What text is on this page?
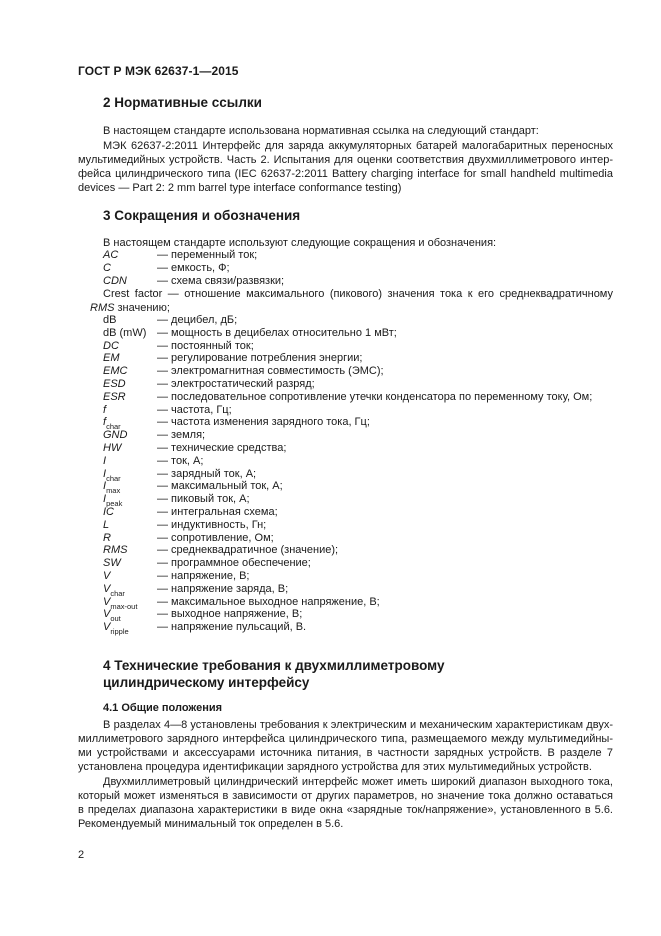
ГОСТ Р МЭК 62637-1—2015
2 Нормативные ссылки
В настоящем стандарте использована нормативная ссылка на следующий стандарт:
МЭК 62637-2:2011 Интерфейс для заряда аккумуляторных батарей малогабаритных переносных
мультимедийных устройств. Часть 2. Испытания для оценки соответствия двухмиллиметрового интер-
фейса цилиндрического типа (IEC 62637-2:2011 Battery charging interface for small handheld multimedia
devices — Part 2: 2 mm barrel type interface conformance testing)
3 Сокращения и обозначения
В настоящем стандарте используют следующие сокращения и обозначения:
AC	— переменный ток;
C	— емкость, Ф;
CDN	— схема связи/развязки;
Crest factor — отношение максимального (пикового) значения тока к его среднеквадратичному
RMS значению;
dB	— децибел, дБ;
dB (mW) — мощность в децибелах относительно 1 мВт;
DC	— постоянный ток;
EM	— регулирование потребления энергии;
EMC	— электромагнитная совместимость (ЭМС);
ESD	— электростатический разряд;
ESR	— последовательное сопротивление утечки конденсатора по переменному току, Ом;
f	— частота, Гц;
$f_{char}$	— частота изменения зарядного тока, Гц;
GND	— земля;
HW	— технические средства;
I	— ток, А;
$I_{char}$	— зарядный ток, А;
$I_{max}$	— максимальный ток, А;
$I_{peak}$	— пиковый ток, А;
IC	— интегральная схема;
L	— индуктивность, Гн;
R	— сопротивление, Ом;
RMS	— среднеквадратичное (значение);
SW	— программное обеспечение;
V	— напряжение, В;
$V_{char}$	— напряжение заряда, В;
$V_{max-out}$ — максимальное выходное напряжение, В;
$V_{out}$	— выходное напряжение, В;
$V_{ripple}$	— напряжение пульсаций, В.
4 Технические требования к двухмиллиметровому
цилиндрическому интерфейсу
4.1 Общие положения
В разделах 4—8 установлены требования к электрическим и механическим характеристикам двух-
миллиметрового зарядного интерфейса цилиндрического типа, размещаемого между мультимедийны-
ми устройствами и аксессуарами источника питания, в частности зарядных устройств. В разделе 7
установлена процедура идентификации зарядного устройства для этих мультимедийных устройств.
Двухмиллиметровый цилиндрический интерфейс может иметь широкий диапазон выходного тока,
который может изменяться в зависимости от других параметров, но значение тока должно оставаться
в пределах диапазона характеристики в виде окна «зарядные ток/напряжение», установленного в 5.6.
Рекомендуемый минимальный ток определен в 5.6.
2
